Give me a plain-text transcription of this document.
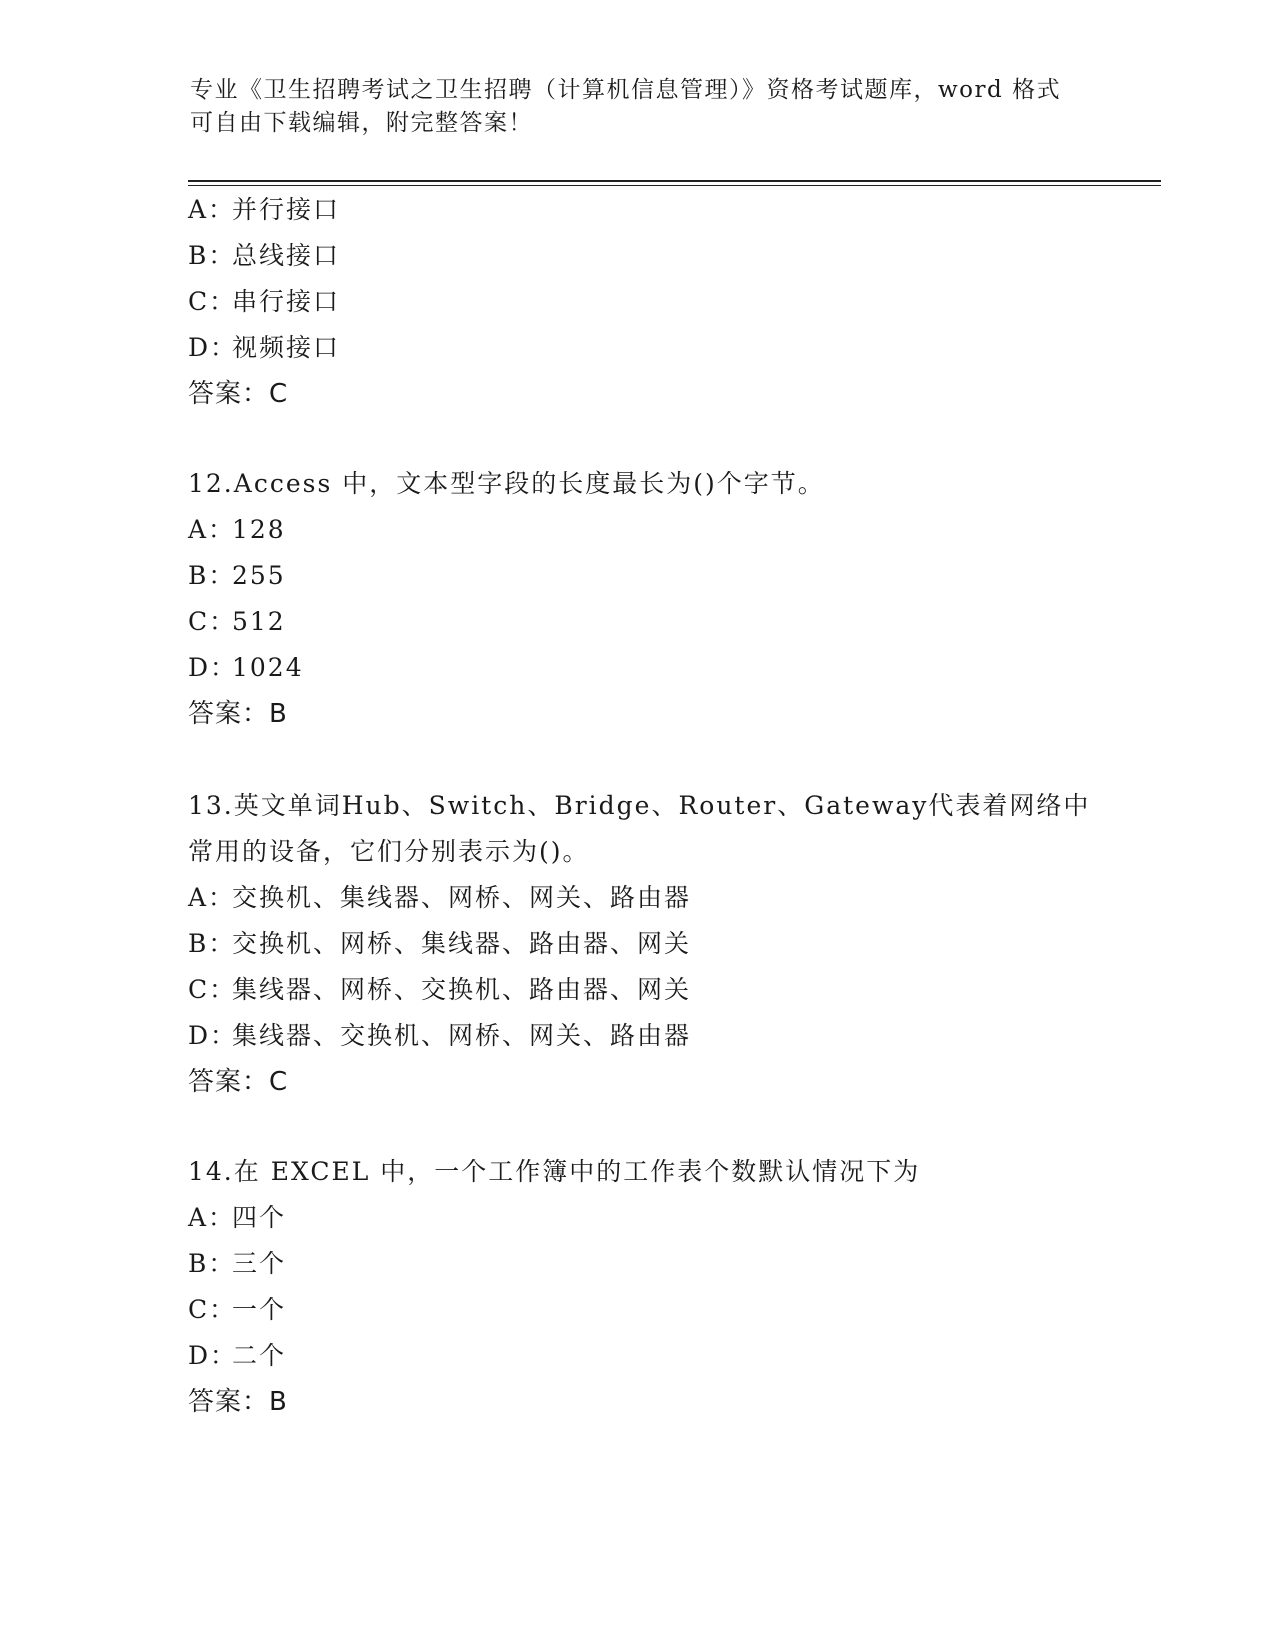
专业《卫生招聘考试之卫生招聘（计算机信息管理）》资格考试题库，word 格式
可自由下载编辑，附完整答案！
A：并行接口
B：总线接口
C：串行接口
D：视频接口
答案：C
12.Access 中，文本型字段的长度最长为()个字节。
A：128
B：255
C：512
D：1024
答案：B
13.英文单词Hub、Switch、Bridge、Router、Gateway代表着网络中
常用的设备，它们分别表示为()。
A：交换机、集线器、网桥、网关、路由器
B：交换机、网桥、集线器、路由器、网关
C：集线器、网桥、交换机、路由器、网关
D：集线器、交换机、网桥、网关、路由器
答案：C
14.在 EXCEL 中，一个工作簿中的工作表个数默认情况下为
A：四个
B：三个
C：一个
D：二个
答案：B
